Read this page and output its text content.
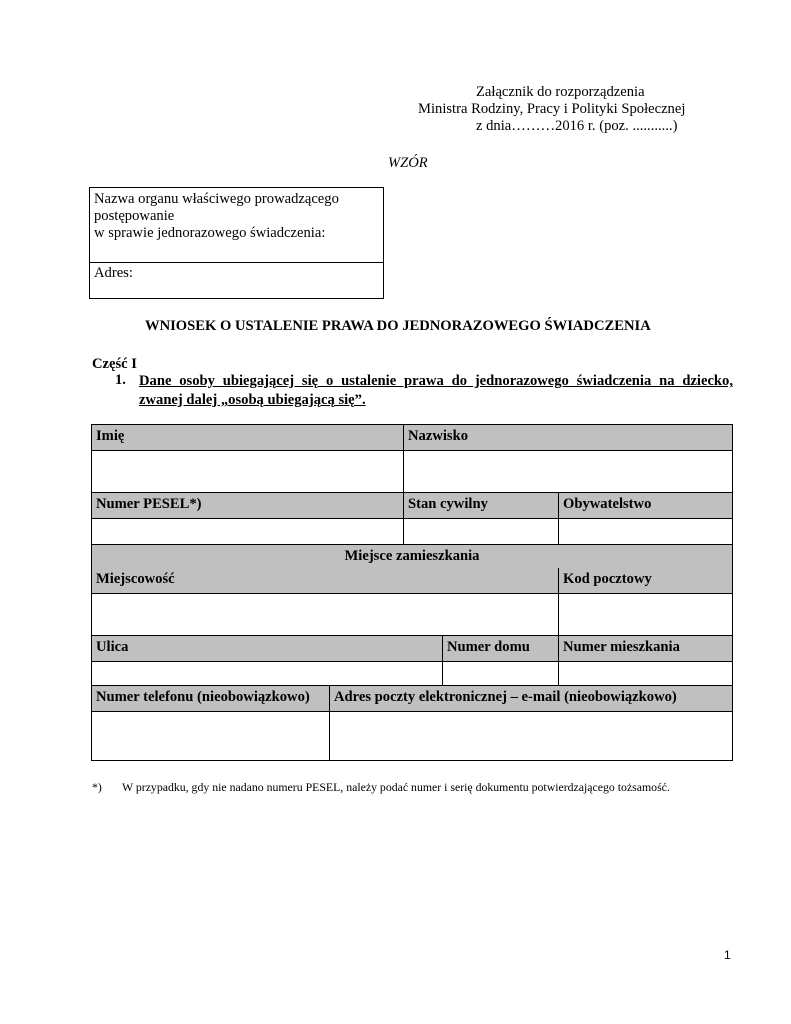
Załącznik do rozporządzenia
Ministra Rodziny, Pracy i Polityki Społecznej
z dnia………2016 r. (poz. ...........)
WZÓR
Nazwa organu właściwego prowadzącego
postępowanie
w sprawie jednorazowego świadczenia:
Adres:
WNIOSEK O USTALENIE PRAWA DO JEDNORAZOWEGO ŚWIADCZENIA
Część I
1. Dane osoby ubiegającej się o ustalenie prawa do jednorazowego świadczenia na dziecko, zwanej dalej „osobą ubiegającą się”.
Imię	Nazwisko
Numer PESEL*)	Stan cywilny	Obywatelstwo
Miejsce zamieszkania
Miejscowość	Kod pocztowy
Ulica	Numer domu	Numer mieszkania
Numer telefonu (nieobowiązkowo)	Adres poczty elektronicznej – e-mail (nieobowiązkowo)
*) W przypadku, gdy nie nadano numeru PESEL, należy podać numer i serię dokumentu potwierdzającego tożsamość.
1
